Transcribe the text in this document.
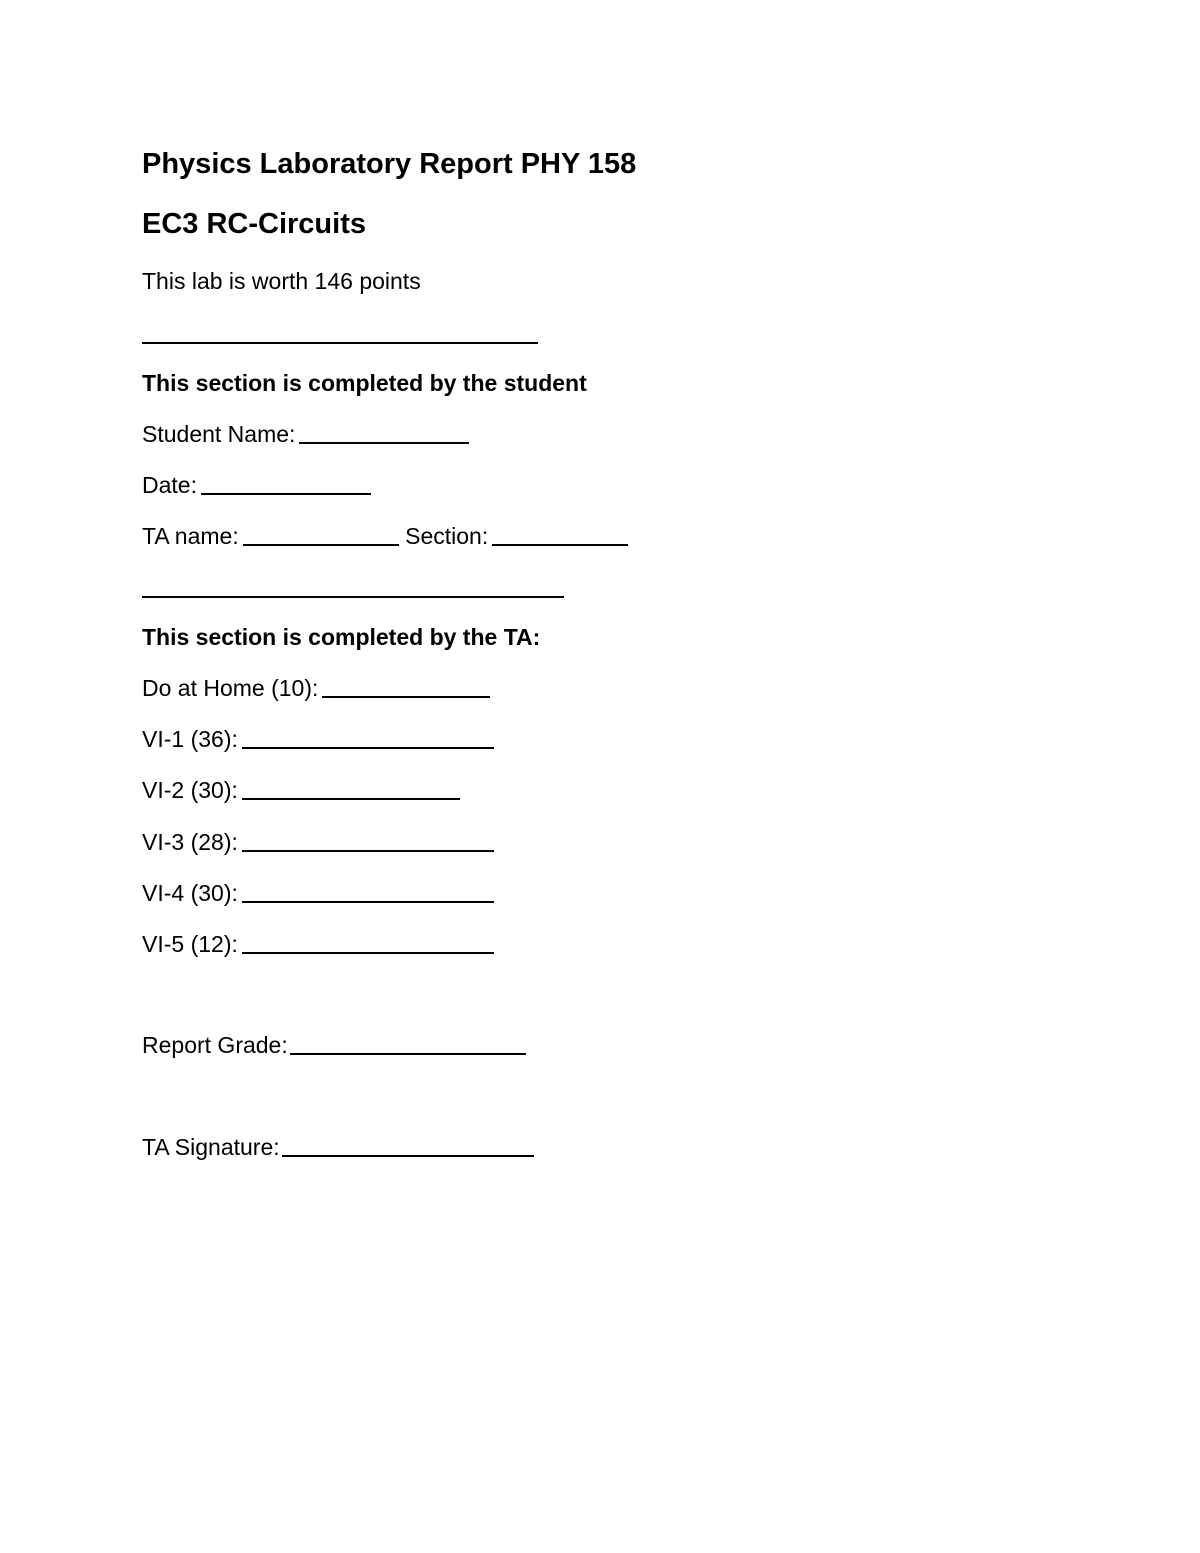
Physics Laboratory Report PHY 158
EC3 RC-Circuits
This lab is worth 146 points
This section is completed by the student
Student Name:
Date:
TA name:	Section:
This section is completed by the TA:
Do at Home (10):
VI-1 (36):
VI-2 (30):
VI-3 (28):
VI-4 (30):
VI-5 (12):
Report Grade:
TA Signature:
